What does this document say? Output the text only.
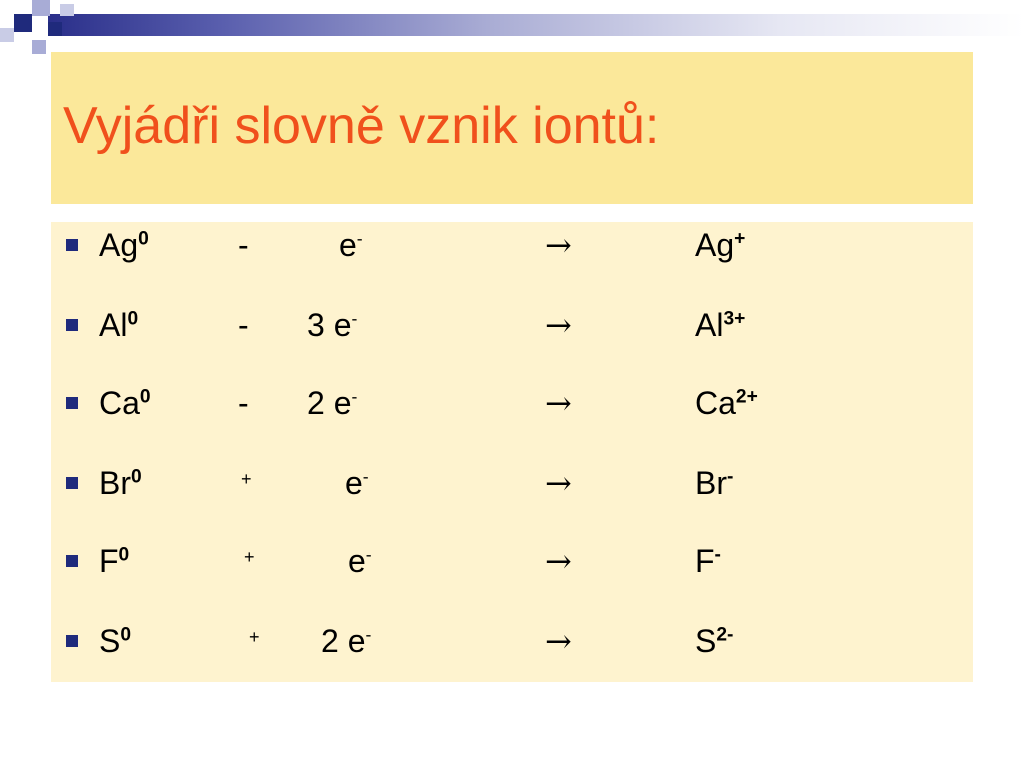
Vyjádři slovně vznik iontů:
Ag$^0$	-	e-	→	Ag+
Al$^0$	- 3 e-	→	$Al^{3+}$
Ca$^0$	- 2 e-	→	$Ca^{2+}$
$Br^0$	+	e-	→	Br-
$F^0$	+	e-	→	F-
$S^0$	+ 2 e-	→	$S^{2-}$
